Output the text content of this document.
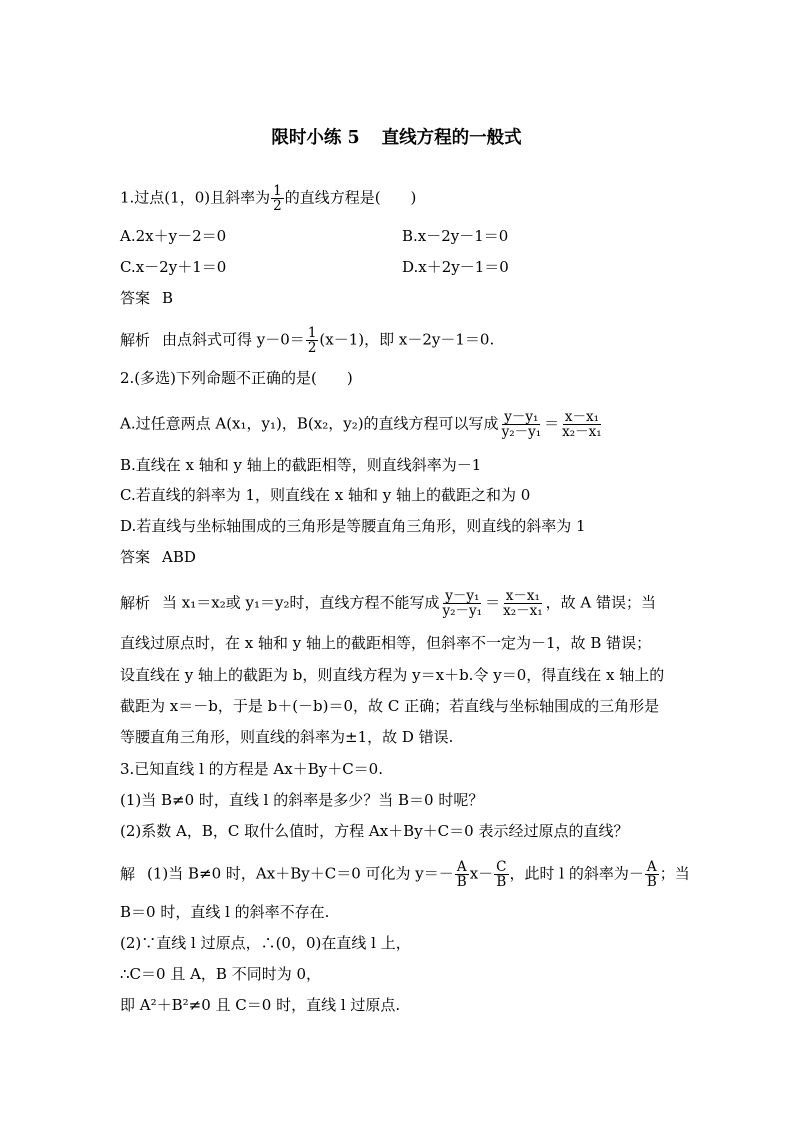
限时小练 5 直线方程的一般式
1.过点(1，0)且斜率为 $\frac{1}{2}$ 的直线方程是(　　)
A.2x＋y－2＝0	B.x－2y－1＝0
C.x－2y＋1＝0	D.x＋2y－1＝0
答案 B
解析 由点斜式可得 $y-0= \frac{1}{2} (x-1)$，即 x－2y－1＝0.
2.(多选)下列命题不正确的是(　　)
A.过任意两点 A(x₁，y₁)，B(x₂，y₂)的直线方程可以写成 $\frac{\text{y－y₁}}{\text{y₂－y₁}} = \frac{\text{x－x₁}}{\text{x₂－x₁}}$
B.直线在 x 轴和 y 轴上的截距相等，则直线斜率为－1
C.若直线的斜率为 1，则直线在 x 轴和 y 轴上的截距之和为 0
D.若直线与坐标轴围成的三角形是等腰直角三角形，则直线的斜率为 1
答案 ABD
解析 当 x₁＝x₂或 y₁＝y₂时，直线方程不能写成 $\frac{\text{y－y₁}}{\text{y₂－y₁}} = \frac{\text{x－x₁}}{\text{x₂－x₁}}$ ，故 A 错误；当
直线过原点时，在 x 轴和 y 轴上的截距相等，但斜率不一定为－1，故 B 错误；
设直线在 y 轴上的截距为 b，则直线方程为 y＝x＋b.令 y＝0，得直线在 x 轴上的
截距为 x＝－b，于是 b＋(－b)＝0，故 C 正确；若直线与坐标轴围成的三角形是
等腰直角三角形，则直线的斜率为±1，故 D 错误.
3.已知直线 l 的方程是 Ax＋By＋C＝0.
(1)当 B≠0 时，直线 l 的斜率是多少？当 B＝0 时呢？
(2)系数 A，B，C 取什么值时，方程 Ax＋By＋C＝0 表示经过原点的直线？
解 (1)当 B≠0 时，Ax＋By＋C＝0 可化为 $y=- \frac{A}{B} x- \frac{C}{B}$ ，此时 l 的斜率为－ $\frac{A}{B}$ ；当
B＝0 时，直线 l 的斜率不存在.
(2)∵直线 l 过原点，∴(0，0)在直线 l 上，
∴C＝0 且 A，B 不同时为 0，
即 A²＋B²≠0 且 C＝0 时，直线 l 过原点.
